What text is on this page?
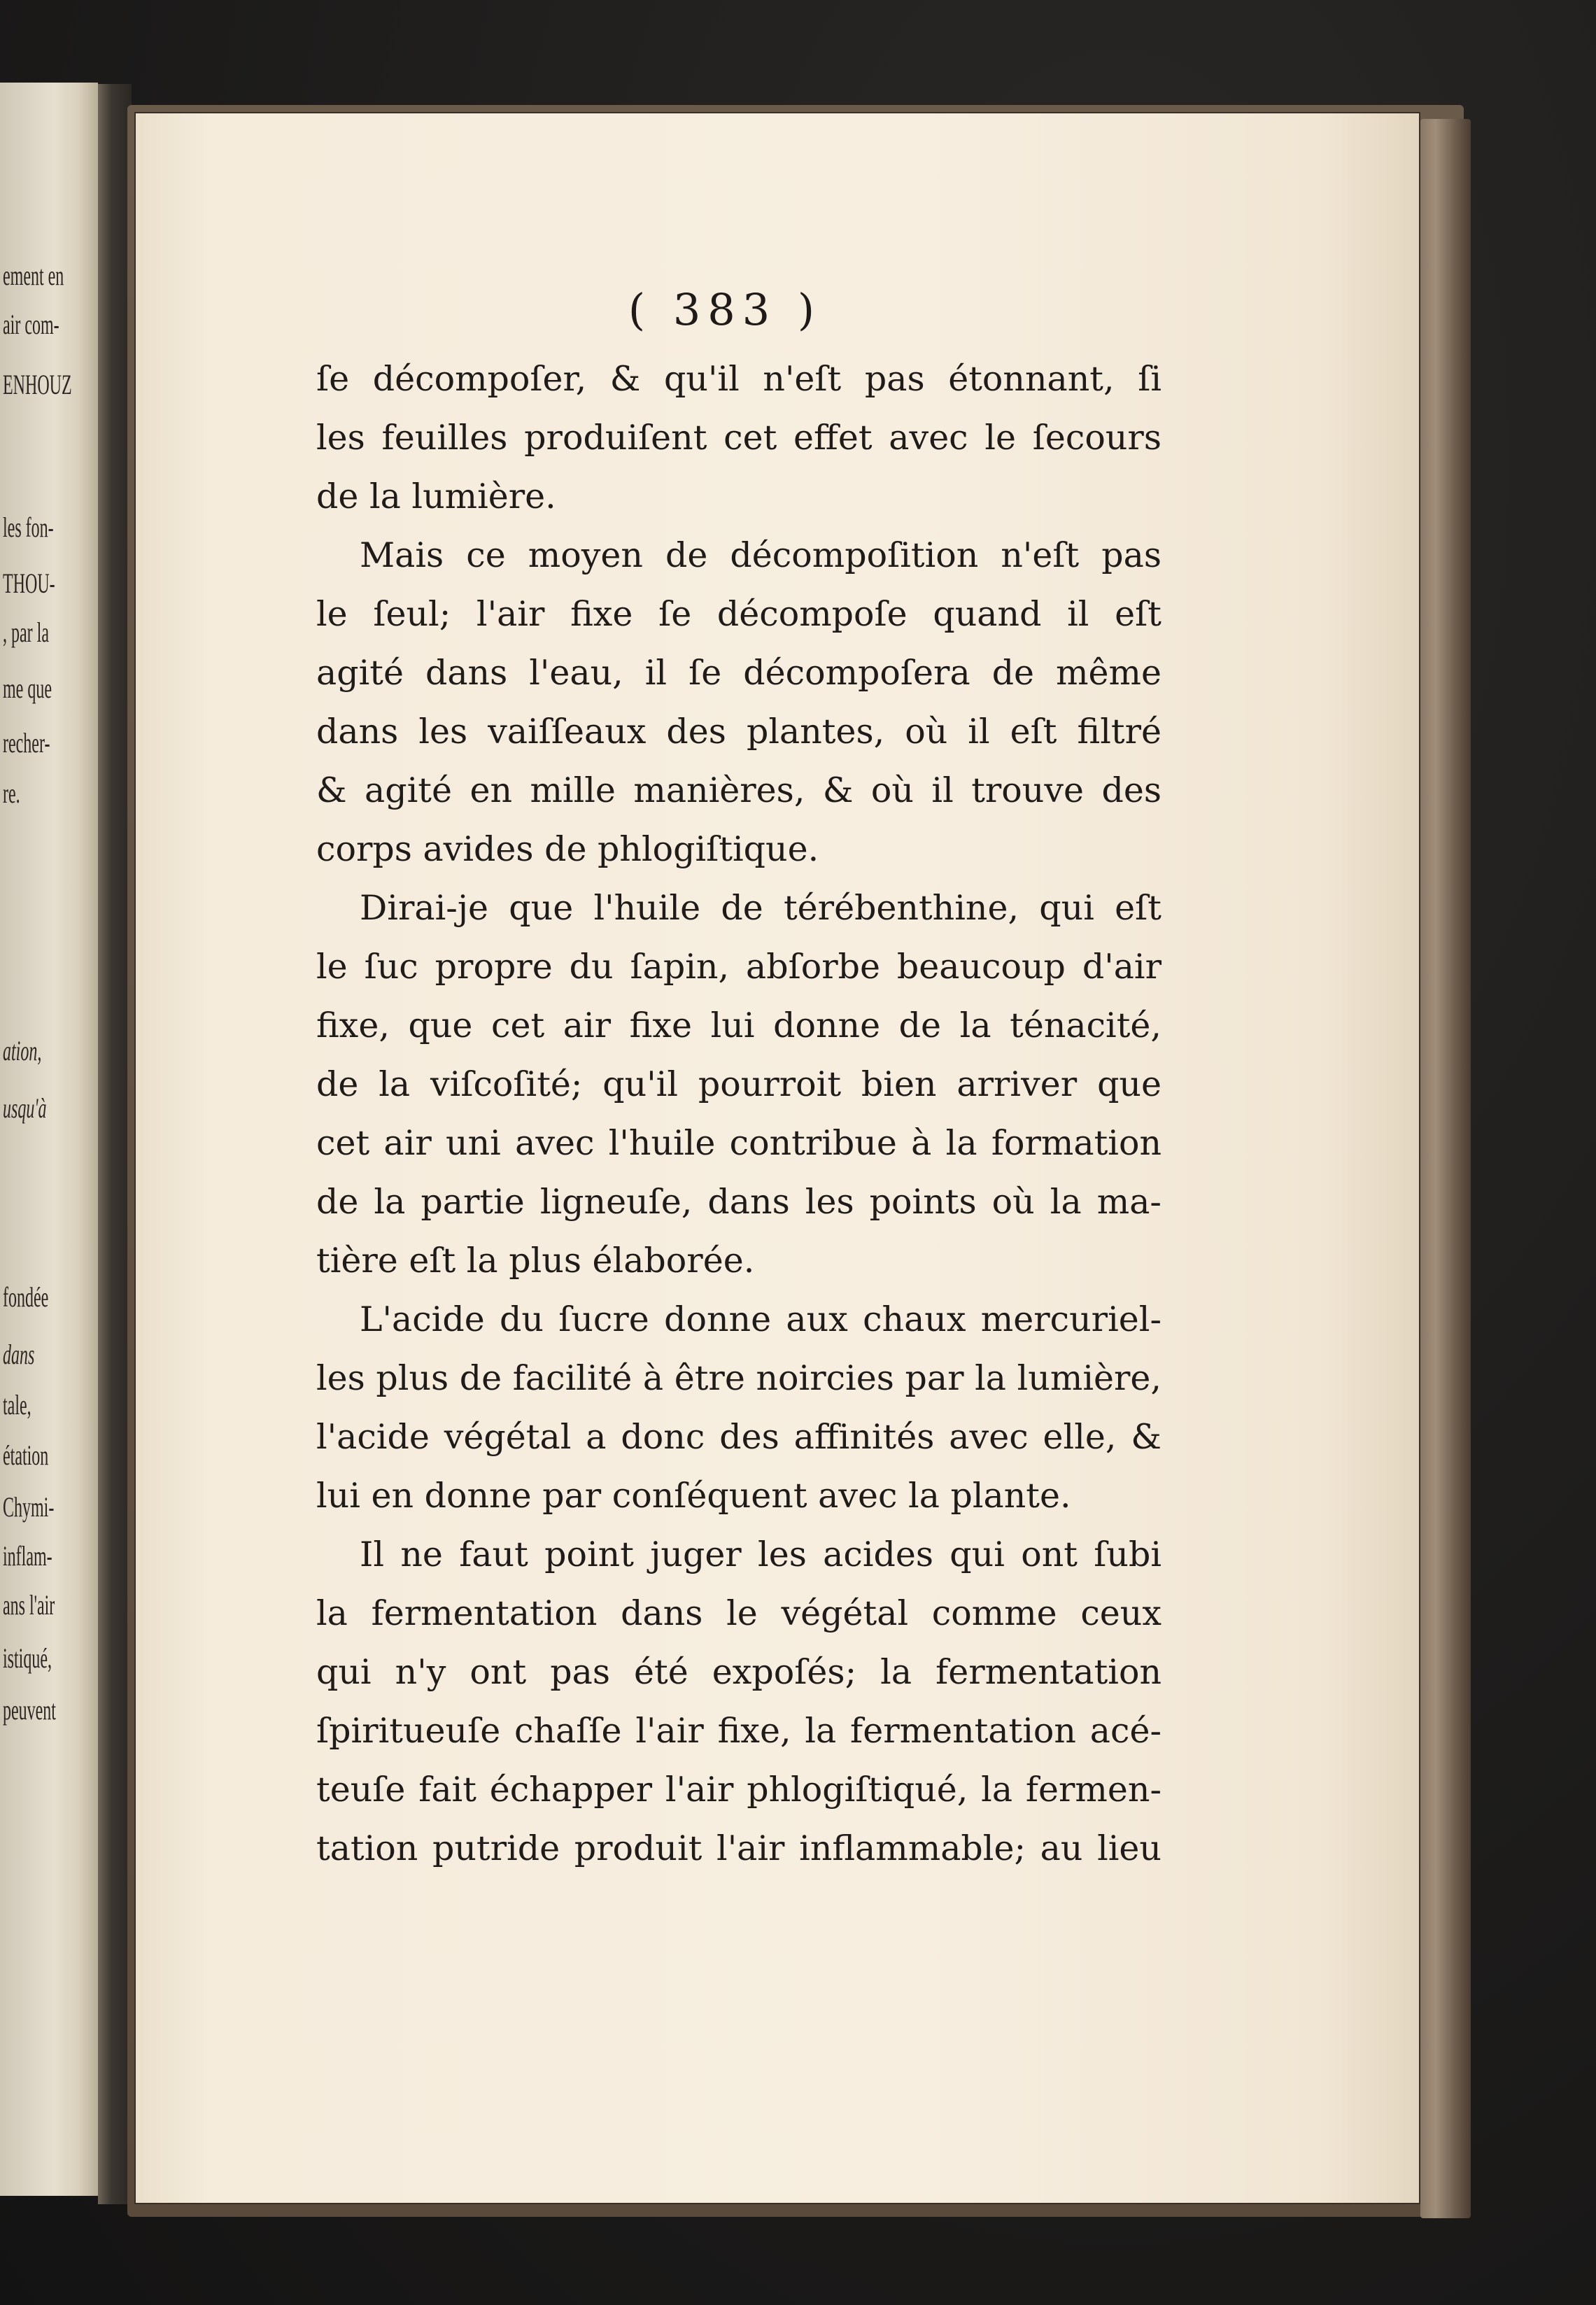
ement en
air com-
ENHOUZ
les fon-
THOU-
, par la
me que
recher-
re.
ation,
usqu'à
fondée
dans
tale,
étation
Chymi-
inflam-
ans l'air
istiqué,
peuvent
( 383 )
ſe décompoſer, & qu'il n'eſt pas étonnant, ſi
les feuilles produiſent cet effet avec le ſecours
de la lumière.
Mais ce moyen de décompoſition n'eſt pas
le ſeul; l'air fixe ſe décompoſe quand il eſt
agité dans l'eau, il ſe décompoſera de même
dans les vaiſſeaux des plantes, où il eſt filtré
& agité en mille manières, & où il trouve des
corps avides de phlogiſtique.
Dirai-je que l'huile de térébenthine, qui eſt
le ſuc propre du ſapin, abſorbe beaucoup d'air
fixe, que cet air fixe lui donne de la ténacité,
de la viſcoſité; qu'il pourroit bien arriver que
cet air uni avec l'huile contribue à la formation
de la partie ligneuſe, dans les points où la ma-
tière eſt la plus élaborée.
L'acide du ſucre donne aux chaux mercuriel-
les plus de facilité à être noircies par la lumière,
l'acide végétal a donc des affinités avec elle, &
lui en donne par conſéquent avec la plante.
Il ne faut point juger les acides qui ont ſubi
la fermentation dans le végétal comme ceux
qui n'y ont pas été expoſés; la fermentation
ſpiritueuſe chaſſe l'air fixe, la fermentation acé-
teuſe fait échapper l'air phlogiſtiqué, la fermen-
tation putride produit l'air inflammable; au lieu
